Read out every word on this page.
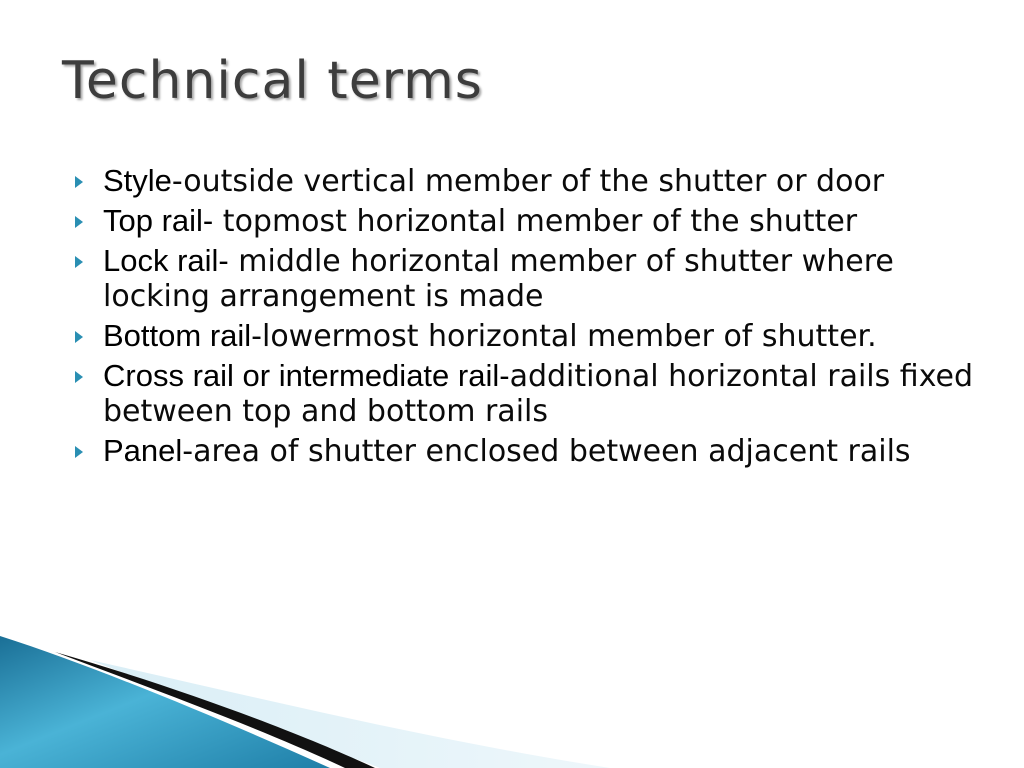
Technical terms
Style-outside vertical member of the shutter or door
Top rail- topmost horizontal member of the shutter
Lock rail- middle horizontal member of shutter where locking arrangement is made
Bottom rail-lowermost horizontal member of shutter.
Cross rail or intermediate rail-additional horizontal rails fixed between top and bottom rails
Panel-area of shutter enclosed between adjacent rails
